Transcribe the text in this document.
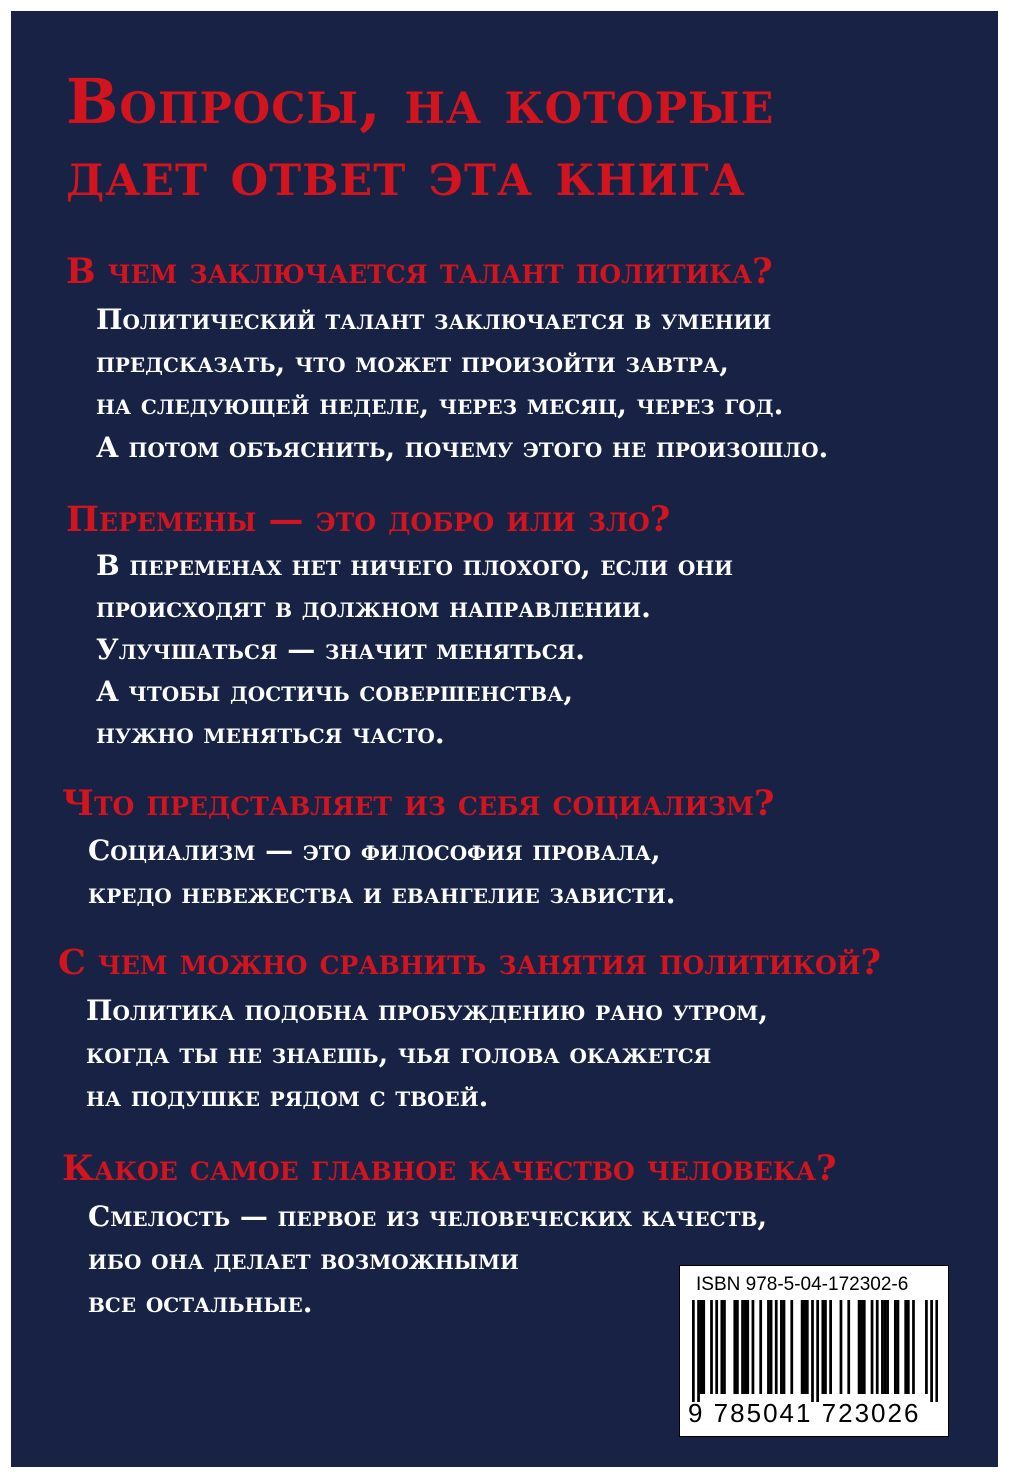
Вопросы, на которые
дает ответ эта книга
В чем заключается талант политика?

Политический талант заключается в умении
предсказать, что может произойти завтра,
на следующей неделе, через месяц, через год.
А потом объяснить, почему этого не произошло.

Перемены — это добро или зло?

В переменах нет ничего плохого, если они
происходят в должном направлении.
Улучшаться — значит меняться.
А чтобы достичь совершенства,
нужно меняться часто.

Что представляет из себя социализм?

Социализм — это философия провала,
кредо невежества и евангелие зависти.

С чем можно сравнить занятия политикой?

Политика подобна пробуждению рано утром,
когда ты не знаешь, чья голова окажется
на подушке рядом с твоей.

Какое самое главное качество человека?

Смелость — первое из человеческих качеств,
ибо она делает возможными
все остальные.

ISBN 978-5-04-172302-6

9 785041 723026
